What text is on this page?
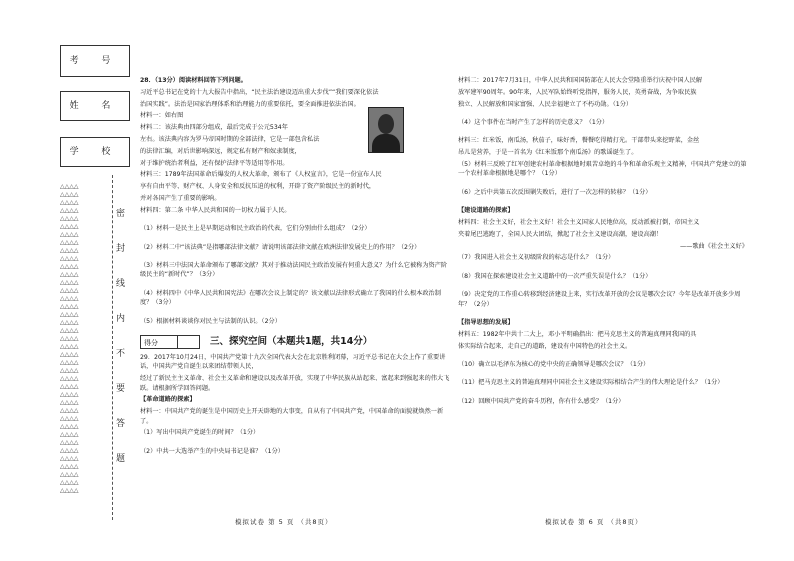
考 号
姓 名
学 校
△△△△
△△△△
△△△△
△△△△
△△△△
△△△△
△△△△
△△△△
△△△△
△△△△
△△△△
△△△△
△△△△
△△△△
△△△△
△△△△
△△△△
△△△△
△△△△
△△△△
△△△△
△△△△
△△△△
△△△△
△△△△
△△△△
△△△△
△△△△
△△△△
△△△△
△△△△
△△△△
△△△△
△△△△
△△△△
△△△△
△△△△
△△△△
△△△△
密
封
线
内
不
要
答
题

28．（13分）阅读材料回答下列问题。

习近平总书记在党的十九大报告中指出，“民主法治建设迈出重大步伐”“我们要深化依法

治国实践”。法治是国家治理体系和治理能力的重要依托，要全面推进依法治国。

材料一：如右图

材料二：该法典由四部分组成，最后完成于公元534年

左右。该法典内容为罗马帝国时期的全部法律，它是一部包含私法

的法律汇编，对后世影响深远，规定私有财产和奴隶制度，

对于维护统治者利益，还有保护法律平等适用等作用。

材料三：1789年法国革命后爆发的人权大革命，颁布了《人权宣言》，它是一份宣布人民

享有自由平等、财产权、人身安全和反抗压迫的权利，开辟了资产阶级民主的新时代，

并对各国产生了重要的影响。

材料四：第二条 中华人民共和国的一切权力属于人民。

（1）材料一是民主上是早期运动和民主政治的代表，它们分别由什么组成？（2分）

（2）材料二中“该法典”是指哪部法律文献？请说明该部法律文献在欧洲法律发展史上的作用？（2分）

（3）材料三中法国大革命颁布了哪部文献？其对于推动法国民主政治发展有何重大意义？为什么它被称为资产阶级民主的“新时代”？（3分）

（4）材料四中《中华人民共和国宪法》在哪次会议上制定的？该文献以法律形式确立了我国的什么根本政治制度？（3分）

（5）根据材料谈谈你对民主与法制的认识。（2分）

得分	三、探究空间（本题共1题，共14分）

29．2017年10月24日，中国共产党第十九次全国代表大会在北京胜利闭幕，习近平总书记在大会上作了重要讲话，中国共产党自诞生以来团结带领人民，

经过了新民主主义革命、社会主义革命和建设以及改革开放，实现了中华民族从站起来、富起来到强起来的伟大飞跃。请根据所学回答问题。

【革命道路的探索】

材料一：中国共产党的诞生是中国历史上开天辟地的大事变，自从有了中国共产党，中国革命的面貌就焕然一新了。

（1）写出中国共产党诞生的时间？（1分）

（2）中共一大选举产生的中央局书记是谁？（1分）

材料二：2017年7月31日，中华人民共和国国防部在人民大会堂隆重举行庆祝中国人民解

放军建军90周年。90年来，人民军队始终听党指挥，服务人民，英勇奋战，为争取民族

独立、人民解放和国家富强、人民幸福建立了不朽功勋。（1分）

（4）这个事件在当时产生了怎样的历史意义？（1分）

材料三：红米饭，南瓜汤，秋茄子，味好香，餐餐吃得精打光。干部带头来挖野菜，金丝

吊儿是营养，于是一首名为《红米饭那个南瓜汤》的歌谣诞生了。

（5）材料三反映了红军创建农村革命根据地时艰苦卓绝的斗争和革命乐观主义精神，中国共产党建立的第一个农村革命根据地是哪个？（1分）

（6）之后中共第五次反围剿失败后，进行了一次怎样的转移？（1分）

【建设道路的探索】

材料四：社会主义好，社会主义好！社会主义国家人民地位高，反动派被打倒，帝国主义

夹着尾巴逃跑了，全国人民大团结，掀起了社会主义建设高潮，建设高潮！

——歌曲《社会主义好》

（7）我国进入社会主义初级阶段的标志是什么？（1分）

（8）我国在探索建设社会主义道路中的一次严重失误是什么？（1分）

（9）决定党的工作重心转移到经济建设上来，实行改革开放的会议是哪次会议？今年是改革开放多少周年？（2分）

【指导思想的发展】

材料五：1982年中共十二大上，邓小平明确指出：把马克思主义的普遍真理同我国的具

体实际结合起来，走自己的道路，建设有中国特色的社会主义。

（10）确立以毛泽东为核心的党中央的正确领导是哪次会议？（1分）

（11）把马克思主义的普遍真理同中国社会主义建设实际相结合产生的伟大理论是什么？（1分）

（12）回顾中国共产党的奋斗历程，你有什么感受？（1分）

模拟试卷 第 5 页 （共8页）	模拟试卷 第 6 页 （共8页）
